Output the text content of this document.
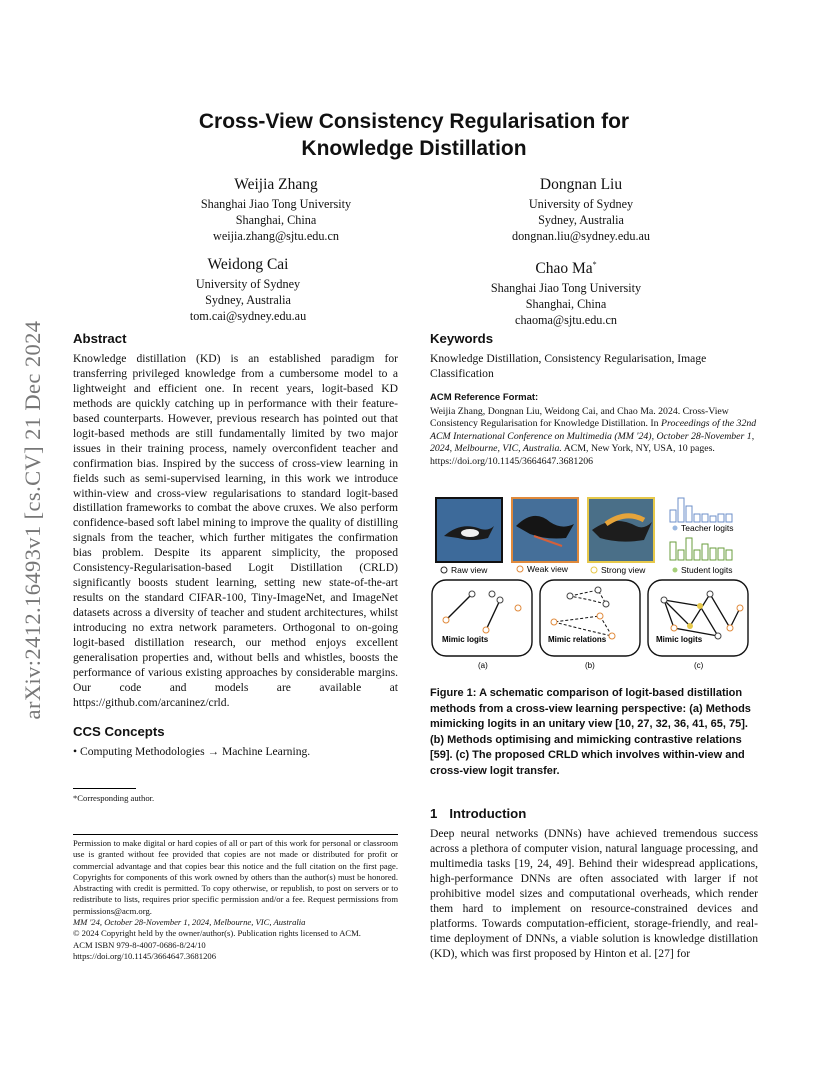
arXiv:2412.16493v1 [cs.CV] 21 Dec 2024
Cross-View Consistency Regularisation for
Knowledge Distillation
Weijia Zhang
Shanghai Jiao Tong University
Shanghai, China
weijia.zhang@sjtu.edu.cn
Dongnan Liu
University of Sydney
Sydney, Australia
dongnan.liu@sydney.edu.au
Weidong Cai
University of Sydney
Sydney, Australia
tom.cai@sydney.edu.au
Chao Ma*
Shanghai Jiao Tong University
Shanghai, China
chaoma@sjtu.edu.cn
Abstract
Knowledge distillation (KD) is an established paradigm for transferring privileged knowledge from a cumbersome model to a lightweight and efficient one. In recent years, logit-based KD methods are quickly catching up in performance with their feature-based counterparts. However, previous research has pointed out that logit-based methods are still fundamentally limited by two major issues in their training process, namely overconfident teacher and confirmation bias. Inspired by the success of cross-view learning in fields such as semi-supervised learning, in this work we introduce within-view and cross-view regularisations to standard logit-based distillation frameworks to combat the above cruxes. We also perform confidence-based soft label mining to improve the quality of distilling signals from the teacher, which further mitigates the confirmation bias problem. Despite its apparent simplicity, the proposed Consistency-Regularisation-based Logit Distillation (CRLD) significantly boosts student learning, setting new state-of-the-art results on the standard CIFAR-100, Tiny-ImageNet, and ImageNet datasets across a diversity of teacher and student architectures, whilst introducing no extra network parameters. Orthogonal to on-going logit-based distillation research, our method enjoys excellent generalisation properties and, without bells and whistles, boosts the performance of various existing approaches by considerable margins. Our code and models are available at https://github.com/arcaninez/crld.
CCS Concepts
• Computing Methodologies → Machine Learning.
*Corresponding author.
Permission to make digital or hard copies of all or part of this work for personal or classroom use is granted without fee provided that copies are not made or distributed for profit or commercial advantage and that copies bear this notice and the full citation on the first page. Copyrights for components of this work owned by others than the author(s) must be honored. Abstracting with credit is permitted. To copy otherwise, or republish, to post on servers or to redistribute to lists, requires prior specific permission and/or a fee. Request permissions from permissions@acm.org.
MM '24, October 28-November 1, 2024, Melbourne, VIC, Australia
© 2024 Copyright held by the owner/author(s). Publication rights licensed to ACM.
ACM ISBN 979-8-4007-0686-8/24/10
https://doi.org/10.1145/3664647.3681206
Keywords
Knowledge Distillation, Consistency Regularisation, Image Classification
ACM Reference Format:
Weijia Zhang, Dongnan Liu, Weidong Cai, and Chao Ma. 2024. Cross-View Consistency Regularisation for Knowledge Distillation. In Proceedings of the 32nd ACM International Conference on Multimedia (MM '24), October 28-November 1, 2024, Melbourne, VIC, Australia. ACM, New York, NY, USA, 10 pages. https://doi.org/10.1145/3664647.3681206
Teacher logits
Student logits
Raw view	Weak view	Strong view
Mimic logits
(a)
Mimic relations
(b)
Mimic logits
(c)
Figure 1: A schematic comparison of logit-based distillation methods from a cross-view learning perspective: (a) Methods mimicking logits in an unitary view [10, 27, 32, 36, 41, 65, 75]. (b) Methods optimising and mimicking contrastive relations [59]. (c) The proposed CRLD which involves within-view and cross-view logit transfer.
1 Introduction
Deep neural networks (DNNs) have achieved tremendous success across a plethora of computer vision, natural language processing, and multimedia tasks [19, 24, 49]. Behind their widespread applications, high-performance DNNs are often associated with larger if not prohibitive model sizes and computational overheads, which render them hard to implement on resource-constrained devices and platforms. Towards computation-efficient, storage-friendly, and real-time deployment of DNNs, a viable solution is knowledge distillation (KD), which was first proposed by Hinton et al. [27] for
